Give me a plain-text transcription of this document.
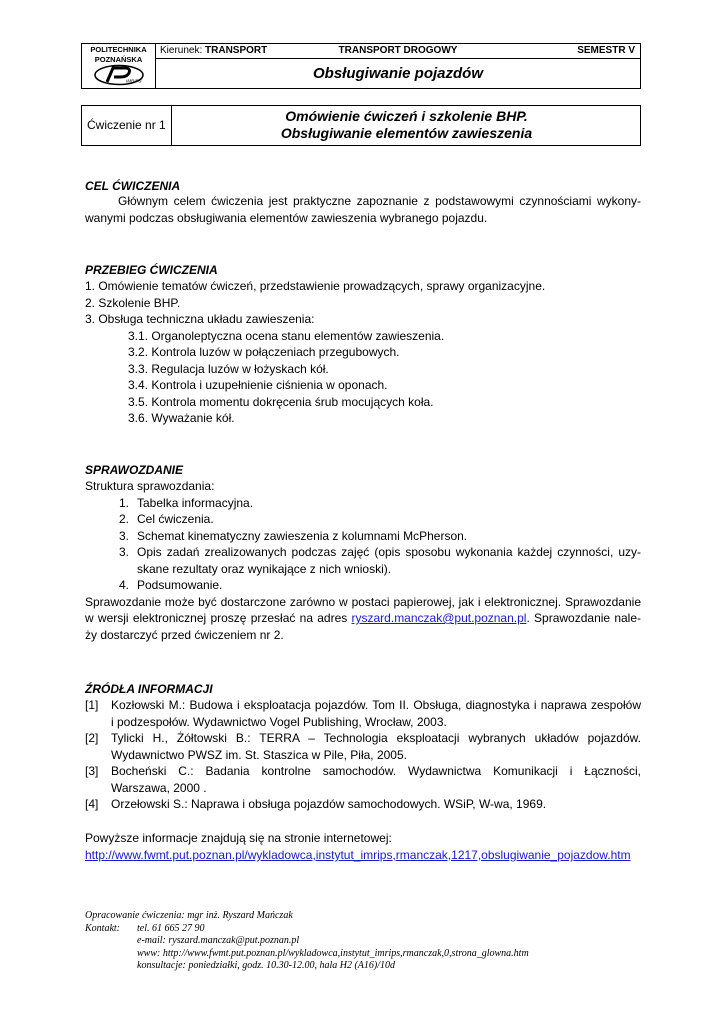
POLITECHNIKA
POZNAŃSKA
IMRIPS
Kierunek: TRANSPORT	TRANSPORT DROGOWY	SEMESTR V
Obsługiwanie pojazdów
Ćwiczenie nr 1
Omówienie ćwiczeń i szkolenie BHP.
Obsługiwanie elementów zawieszenia
CEL ĆWICZENIA
Głównym celem ćwiczenia jest praktyczne zapoznanie z podstawowymi czynnościami wykony-
wanymi podczas obsługiwania elementów zawieszenia wybranego pojazdu.
PRZEBIEG ĆWICZENIA
1. Omówienie tematów ćwiczeń, przedstawienie prowadzących, sprawy organizacyjne.
2. Szkolenie BHP.
3. Obsługa techniczna układu zawieszenia:
3.1. Organoleptyczna ocena stanu elementów zawieszenia.
3.2. Kontrola luzów w połączeniach przegubowych.
3.3. Regulacja luzów w łożyskach kół.
3.4. Kontrola i uzupełnienie ciśnienia w oponach.
3.5. Kontrola momentu dokręcenia śrub mocujących koła.
3.6. Wyważanie kół.
SPRAWOZDANIE
Struktura sprawozdania:
1. Tabelka informacyjna.
2. Cel ćwiczenia.
3. Schemat kinematyczny zawieszenia z kolumnami McPherson.
3. Opis zadań zrealizowanych podczas zajęć (opis sposobu wykonania każdej czynności, uzy-
skane rezultaty oraz wynikające z nich wnioski).
4. Podsumowanie.
Sprawozdanie może być dostarczone zarówno w postaci papierowej, jak i elektronicznej. Sprawozdanie
w wersji elektronicznej proszę przesłać na adres ryszard.manczak@put.poznan.pl. Sprawozdanie nale-
ży dostarczyć przed ćwiczeniem nr 2.
ŹRÓDŁA INFORMACJI
[1]	Kozłowski M.: Budowa i eksploatacja pojazdów. Tom II. Obsługa, diagnostyka i naprawa zespołów
i podzespołów. Wydawnictwo Vogel Publishing, Wrocław, 2003.
[2]	Tylicki H., Żółtowski B.: TERRA – Technologia eksploatacji wybranych układów pojazdów.
Wydawnictwo PWSZ im. St. Staszica w Pile, Piła, 2005.
[3]	Bocheński C.: Badania kontrolne samochodów. Wydawnictwa Komunikacji i Łączności,
Warszawa, 2000 .
[4]	Orzełowski S.: Naprawa i obsługa pojazdów samochodowych. WSiP, W-wa, 1969.
Powyższe informacje znajdują się na stronie internetowej:
http://www.fwmt.put.poznan.pl/wykladowca,instytut_imrips,rmanczak,1217,obslugiwanie_pojazdow.htm
Opracowanie ćwiczenia: mgr inż. Ryszard Mańczak
Kontakt: tel. 61 665 27 90
e-mail: ryszard.manczak@put.poznan.pl
www: http://www.fwmt.put.poznan.pl/wykladowca,instytut_imrips,rmanczak,0,strona_glowna.htm
konsultacje: poniedziałki, godz. 10.30-12.00, hala H2 (A16)/10d
